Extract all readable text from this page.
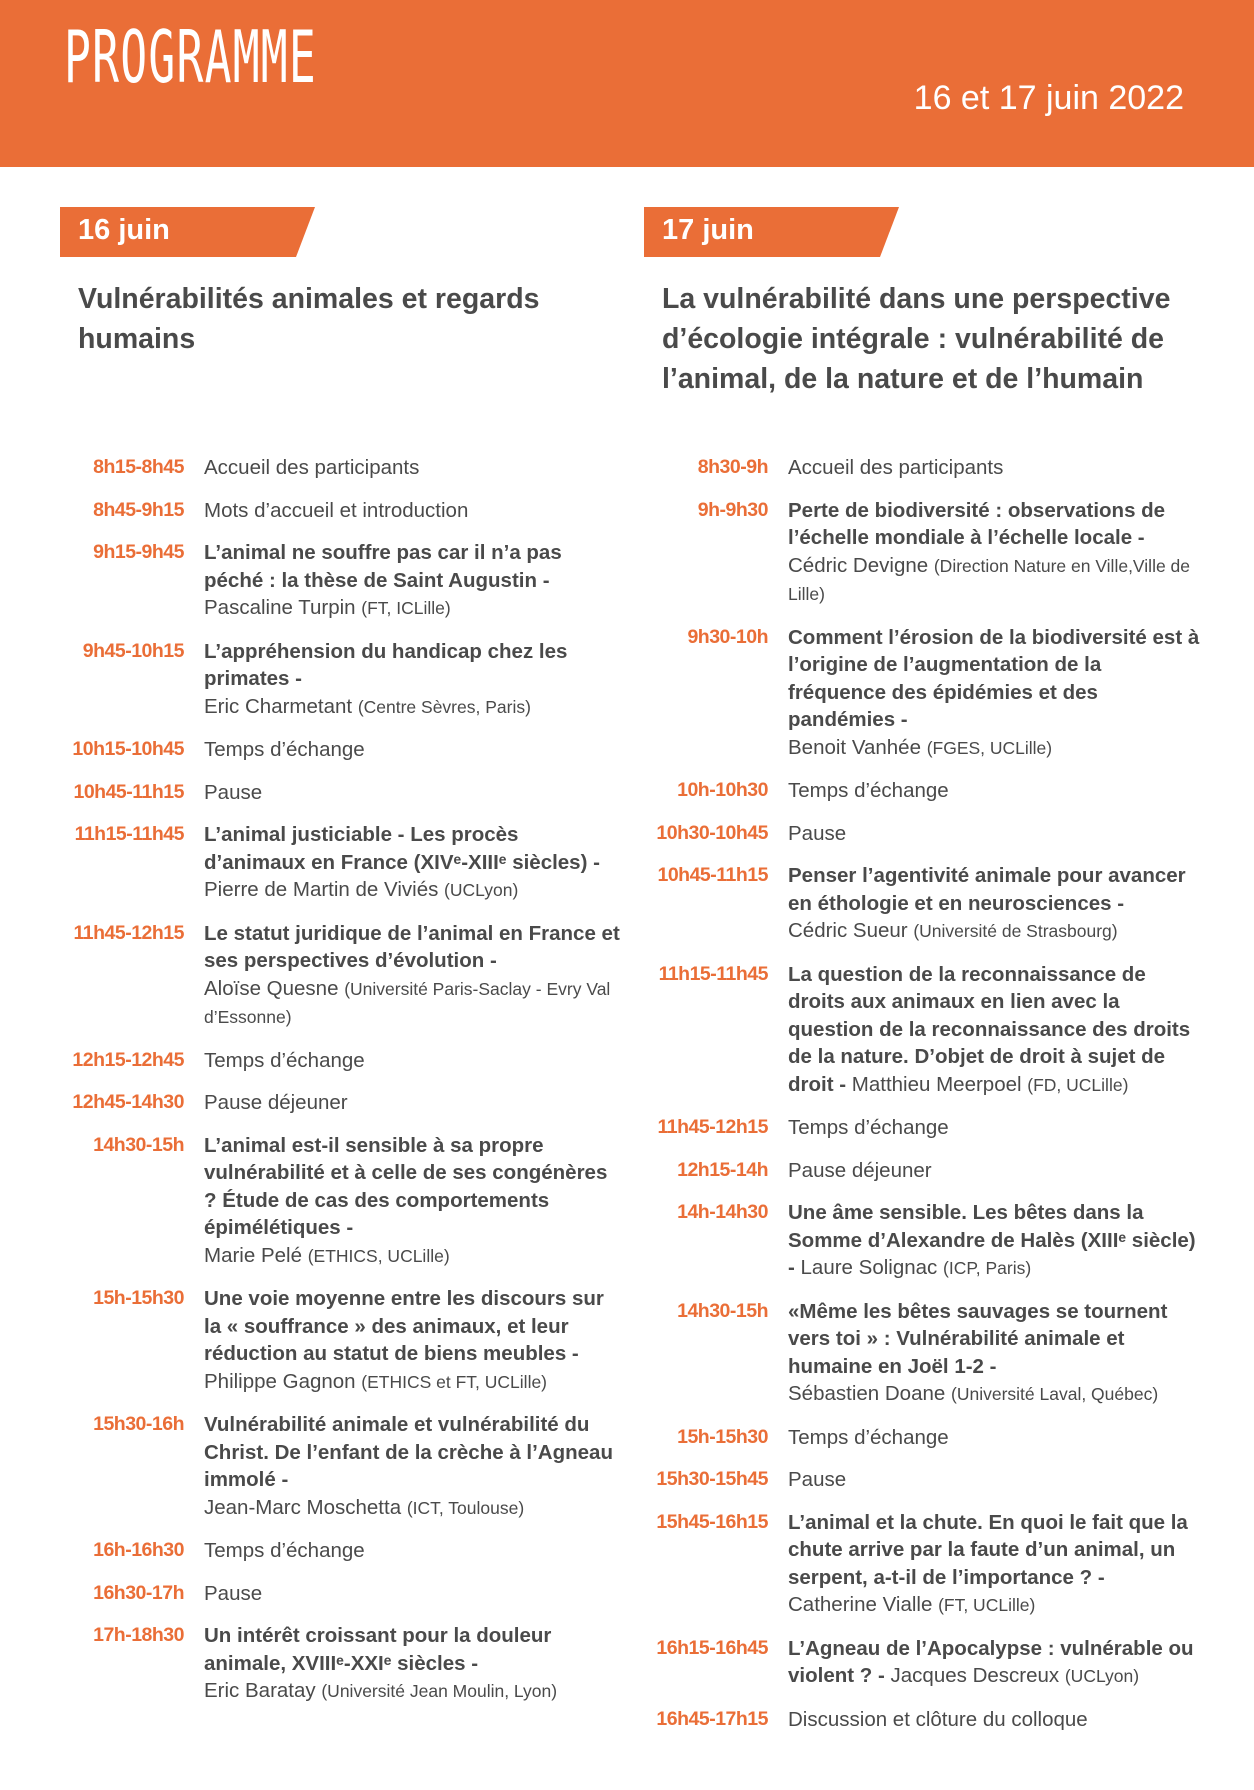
PROGRAMME	16 et 17 juin 2022
16 juin
Vulnérabilités animales et regards humains
8h15-8h45 Accueil des participants
8h45-9h15 Mots d’accueil et introduction
9h15-9h45 L’animal ne souffre pas car il n’a pas péché : la thèse de Saint Augustin -
Pascaline Turpin (FT, ICLille)
9h45-10h15 L’appréhension du handicap chez les primates -
Eric Charmetant (Centre Sèvres, Paris)
10h15-10h45 Temps d’échange
10h45-11h15 Pause
11h15-11h45 L’animal justiciable - Les procès d’animaux en France (XIVᵉ-XIIIᵉ siècles) -
Pierre de Martin de Viviés (UCLyon)
11h45-12h15 Le statut juridique de l’animal en France et ses perspectives d’évolution -
Aloïse Quesne (Université Paris-Saclay - Evry Val d’Essonne)
12h15-12h45 Temps d’échange
12h45-14h30 Pause déjeuner
14h30-15h L’animal est-il sensible à sa propre vulnérabilité et à celle de ses congénères ? Étude de cas des comportements épimélétiques -
Marie Pelé (ETHICS, UCLille)
15h-15h30 Une voie moyenne entre les discours sur la « souffrance » des animaux, et leur réduction au statut de biens meubles -
Philippe Gagnon (ETHICS et FT, UCLille)
15h30-16h Vulnérabilité animale et vulnérabilité du Christ. De l’enfant de la crèche à l’Agneau immolé -
Jean-Marc Moschetta (ICT, Toulouse)
16h-16h30 Temps d’échange
16h30-17h Pause
17h-18h30 Un intérêt croissant pour la douleur animale, XVIIIᵉ-XXIᵉ siècles -
Eric Baratay (Université Jean Moulin, Lyon)
17 juin
La vulnérabilité dans une perspective d’écologie intégrale : vulnérabilité de l’animal, de la nature et de l’humain
8h30-9h Accueil des participants
9h-9h30 Perte de biodiversité : observations de l’échelle mondiale à l’échelle locale -
Cédric Devigne (Direction Nature en Ville,Ville de Lille)
9h30-10h Comment l’érosion de la biodiversité est à l’origine de l’augmentation de la fréquence des épidémies et des pandémies -
Benoit Vanhée (FGES, UCLille)
10h-10h30 Temps d’échange
10h30-10h45 Pause
10h45-11h15 Penser l’agentivité animale pour avancer en éthologie et en neurosciences -
Cédric Sueur (Université de Strasbourg)
11h15-11h45 La question de la reconnaissance de droits aux animaux en lien avec la question de la reconnaissance des droits de la nature. D’objet de droit à sujet de droit - Matthieu Meerpoel (FD, UCLille)
11h45-12h15 Temps d’échange
12h15-14h Pause déjeuner
14h-14h30 Une âme sensible. Les bêtes dans la Somme d’Alexandre de Halès (XIIIᵉ siècle) - Laure Solignac (ICP, Paris)
14h30-15h «Même les bêtes sauvages se tournent vers toi » : Vulnérabilité animale et humaine en Joël 1-2 -
Sébastien Doane (Université Laval, Québec)
15h-15h30 Temps d’échange
15h30-15h45 Pause
15h45-16h15 L’animal et la chute. En quoi le fait que la chute arrive par la faute d’un animal, un serpent, a-t-il de l’importance ? -
Catherine Vialle (FT, UCLille)
16h15-16h45 L’Agneau de l’Apocalypse : vulnérable ou violent ? - Jacques Descreux (UCLyon)
16h45-17h15 Discussion et clôture du colloque
